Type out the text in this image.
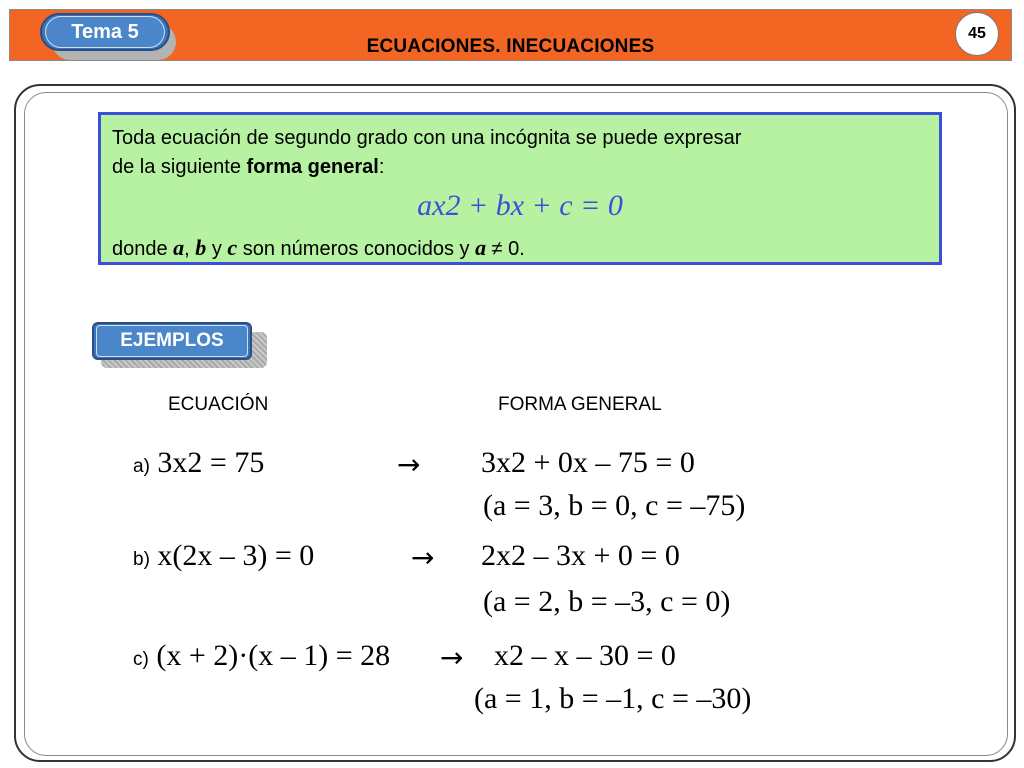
ECUACIONES. INECUACIONES
Tema 5	45
Toda ecuación de segundo grado con una incógnita se puede expresar
de la siguiente forma general:
ax2 + bx + c = 0
donde a, b y c son números conocidos y a ≠ 0.
EJEMPLOS
ECUACIÓN	FORMA GENERAL
a) 3x2 = 75	→ 3x2 + 0x – 75 = 0
(a = 3, b = 0, c = –75)
b) x(2x – 3) = 0	→ 2x2 – 3x + 0 = 0
(a = 2, b = –3, c = 0)
c) (x + 2)·(x – 1) = 28 → x2 – x – 30 = 0
(a = 1, b = –1, c = –30)
